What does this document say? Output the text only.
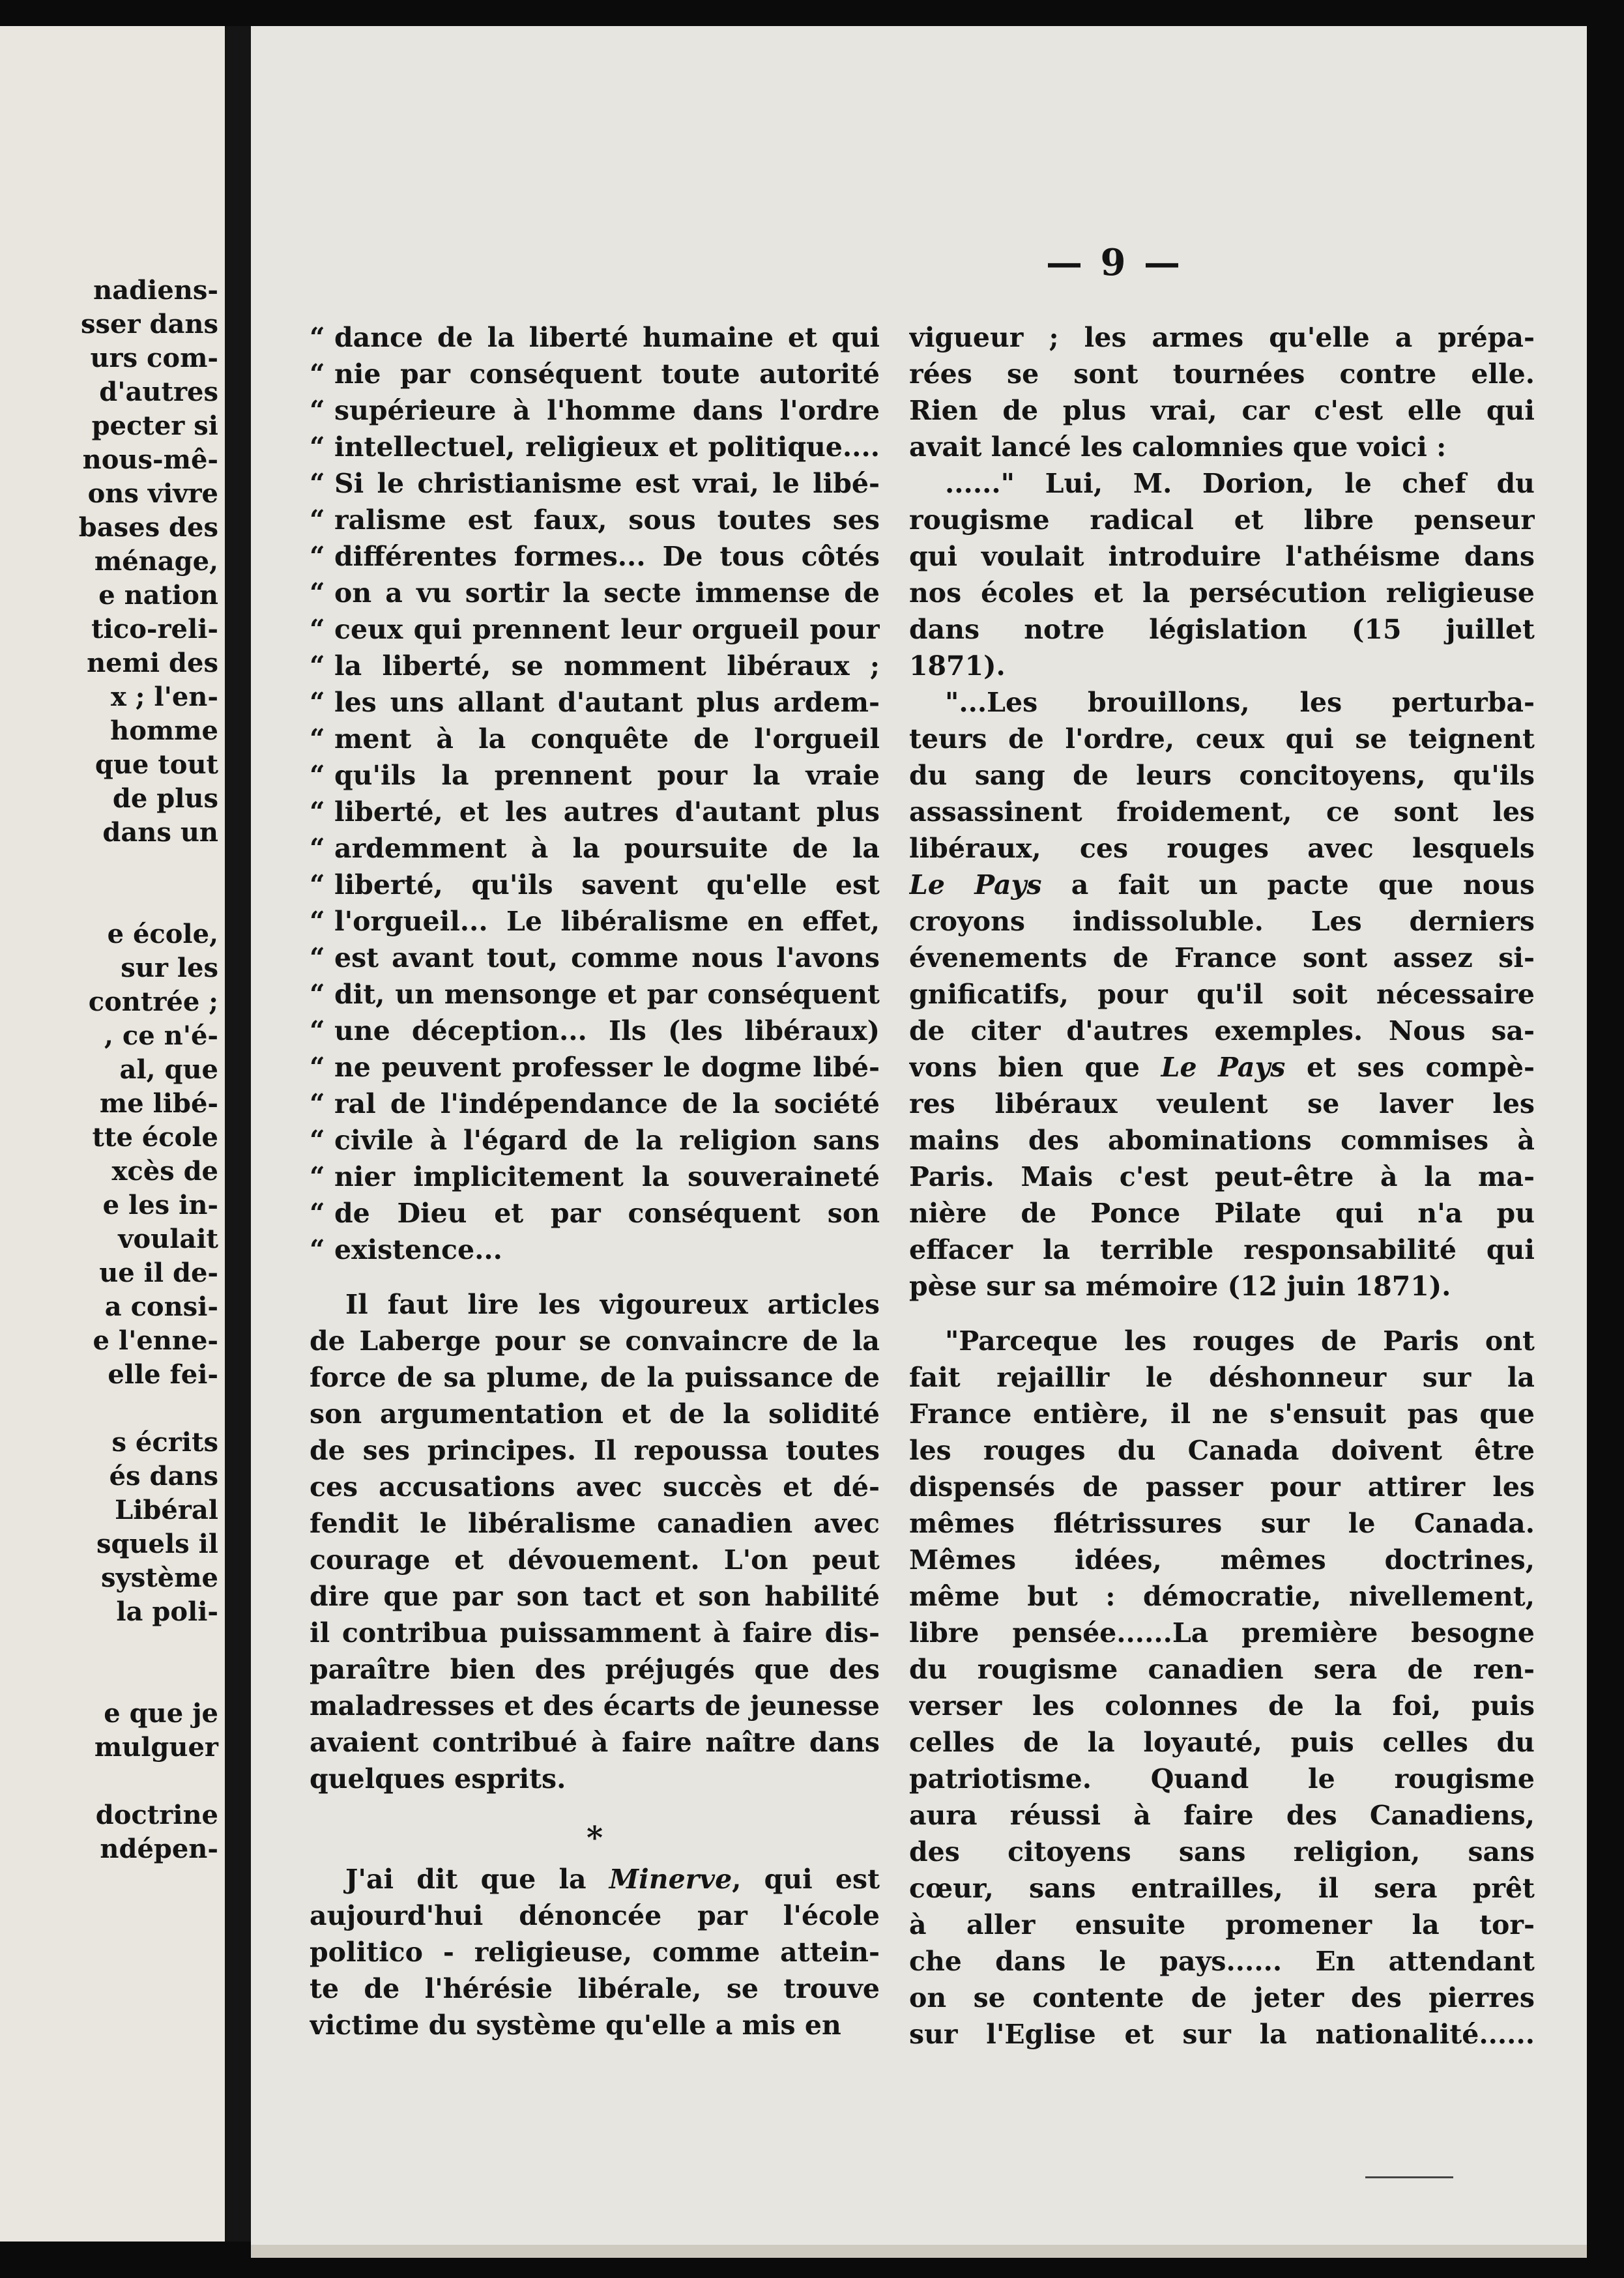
nadiens-
sser dans
urs com-
d'autres
pecter si
nous-mê-
ons vivre
bases des
ménage,
e nation
tico-reli-
nemi des
x ; l'en-
homme
que tout
de plus
dans un
e école,
sur les
contrée ;
, ce n'é-
al, que
me libé-
tte école
xcès de
e les in-
voulait
ue il de-
a consi-
e l'enne-
elle fei-
s écrits
és dans
Libéral
squels il
système
la poli-
e que je
mulguer
doctrine
ndépen-
— 9 —
“ dance de la liberté humaine et qui
“ nie par conséquent toute autorité
“ supérieure à l'homme dans l'ordre
“ intellectuel, religieux et politique....
“ Si le christianisme est vrai, le libé-
“ ralisme est faux, sous toutes ses
“ différentes formes... De tous côtés
“ on a vu sortir la secte immense de
“ ceux qui prennent leur orgueil pour
“ la liberté, se nomment libéraux ;
“ les uns allant d'autant plus ardem-
“ ment à la conquête de l'orgueil
“ qu'ils la prennent pour la vraie
“ liberté, et les autres d'autant plus
“ ardemment à la poursuite de la
“ liberté, qu'ils savent qu'elle est
“ l'orgueil... Le libéralisme en effet,
“ est avant tout, comme nous l'avons
“ dit, un mensonge et par conséquent
“ une déception... Ils (les libéraux)
“ ne peuvent professer le dogme libé-
“ ral de l'indépendance de la société
“ civile à l'égard de la religion sans
“ nier implicitement la souveraineté
“ de Dieu et par conséquent son
“ existence...
Il faut lire les vigoureux articles
de Laberge pour se convaincre de la
force de sa plume, de la puissance de
son argumentation et de la solidité
de ses principes. Il repoussa toutes
ces accusations avec succès et dé-
fendit le libéralisme canadien avec
courage et dévouement. L'on peut
dire que par son tact et son habilité
il contribua puissamment à faire dis-
paraître bien des préjugés que des
maladresses et des écarts de jeunesse
avaient contribué à faire naître dans
quelques esprits.
*
J'ai dit que la Minerve, qui est
aujourd'hui dénoncée par l'école
politico - religieuse, comme attein-
te de l'hérésie libérale, se trouve
victime du système qu'elle a mis en
vigueur ; les armes qu'elle a prépa-
rées se sont tournées contre elle.
Rien de plus vrai, car c'est elle qui
avait lancé les calomnies que voici :
......" Lui, M. Dorion, le chef du
rougisme radical et libre penseur
qui voulait introduire l'athéisme dans
nos écoles et la persécution religieuse
dans notre législation (15 juillet
1871).
"...Les brouillons, les perturba-
teurs de l'ordre, ceux qui se teignent
du sang de leurs concitoyens, qu'ils
assassinent froidement, ce sont les
libéraux, ces rouges avec lesquels
Le Pays a fait un pacte que nous
croyons indissoluble. Les derniers
évenements de France sont assez si-
gnificatifs, pour qu'il soit nécessaire
de citer d'autres exemples. Nous sa-
vons bien que Le Pays et ses compè-
res libéraux veulent se laver les
mains des abominations commises à
Paris. Mais c'est peut-être à la ma-
nière de Ponce Pilate qui n'a pu
effacer la terrible responsabilité qui
pèse sur sa mémoire (12 juin 1871).
"Parceque les rouges de Paris ont
fait rejaillir le déshonneur sur la
France entière, il ne s'ensuit pas que
les rouges du Canada doivent être
dispensés de passer pour attirer les
mêmes flétrissures sur le Canada.
Mêmes idées, mêmes doctrines,
même but : démocratie, nivellement,
libre pensée......La première besogne
du rougisme canadien sera de ren-
verser les colonnes de la foi, puis
celles de la loyauté, puis celles du
patriotisme. Quand le rougisme
aura réussi à faire des Canadiens,
des citoyens sans religion, sans
cœur, sans entrailles, il sera prêt
à aller ensuite promener la tor-
che dans le pays...... En attendant
on se contente de jeter des pierres
sur l'Eglise et sur la nationalité......
